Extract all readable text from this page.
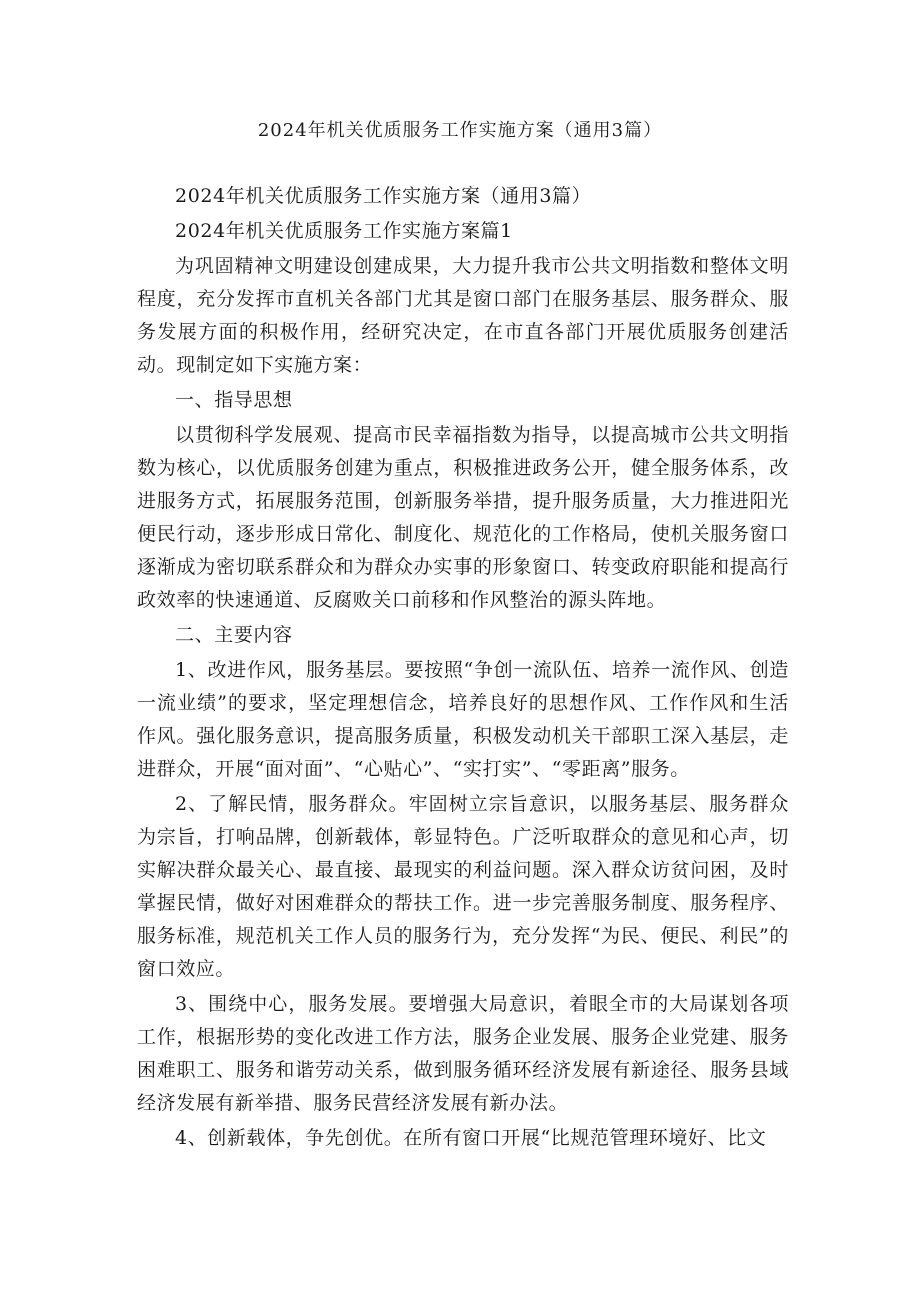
2024年机关优质服务工作实施方案（通用3篇）

2024年机关优质服务工作实施方案（通用3篇）

2024年机关优质服务工作实施方案篇1

为巩固精神文明建设创建成果，大力提升我市公共文明指数和整体文明程度，充分发挥市直机关各部门尤其是窗口部门在服务基层、服务群众、服务发展方面的积极作用，经研究决定，在市直各部门开展优质服务创建活动。现制定如下实施方案：

一、指导思想

以贯彻科学发展观、提高市民幸福指数为指导，以提高城市公共文明指数为核心，以优质服务创建为重点，积极推进政务公开，健全服务体系，改进服务方式，拓展服务范围，创新服务举措，提升服务质量，大力推进阳光便民行动，逐步形成日常化、制度化、规范化的工作格局，使机关服务窗口逐渐成为密切联系群众和为群众办实事的形象窗口、转变政府职能和提高行政效率的快速通道、反腐败关口前移和作风整治的源头阵地。

二、主要内容

1、改进作风，服务基层。要按照“争创一流队伍、培养一流作风、创造一流业绩”的要求，坚定理想信念，培养良好的思想作风、工作作风和生活作风。强化服务意识，提高服务质量，积极发动机关干部职工深入基层，走进群众，开展“面对面”、“心贴心”、“实打实”、“零距离”服务。

2、了解民情，服务群众。牢固树立宗旨意识，以服务基层、服务群众为宗旨，打响品牌，创新载体，彰显特色。广泛听取群众的意见和心声，切实解决群众最关心、最直接、最现实的利益问题。深入群众访贫问困，及时掌握民情，做好对困难群众的帮扶工作。进一步完善服务制度、服务程序、服务标准，规范机关工作人员的服务行为，充分发挥“为民、便民、利民”的窗口效应。

3、围绕中心，服务发展。要增强大局意识，着眼全市的大局谋划各项工作，根据形势的变化改进工作方法，服务企业发展、服务企业党建、服务困难职工、服务和谐劳动关系，做到服务循环经济发展有新途径、服务县域经济发展有新举措、服务民营经济发展有新办法。

4、创新载体，争先创优。在所有窗口开展“比规范管理环境好、比文
